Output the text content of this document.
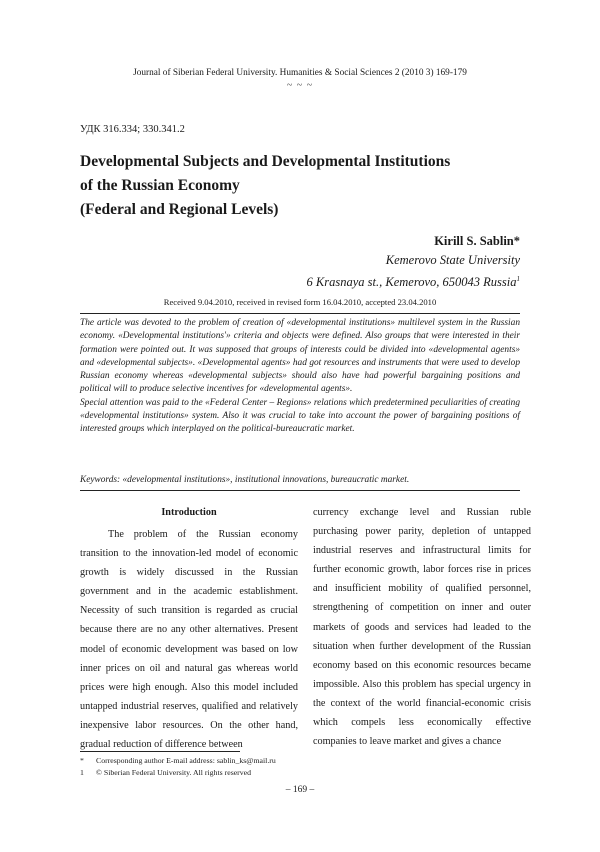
Journal of Siberian Federal University. Humanities & Social Sciences 2 (2010 3) 169-179
~ ~ ~
УДК 316.334; 330.341.2
Developmental Subjects and Developmental Institutions
of the Russian Economy
(Federal and Regional Levels)
Kirill S. Sablin*
Kemerovo State University
6 Krasnaya st., Kemerovo, 650043 Russia$^1$
Received 9.04.2010, received in revised form 16.04.2010, accepted 23.04.2010

The article was devoted to the problem of creation of «developmental institutions» multilevel system in the Russian economy. «Developmental institutions'» criteria and objects were defined. Also groups that were interested in their formation were pointed out. It was supposed that groups of interests could be divided into «developmental agents» and «developmental subjects». «Developmental agents» had got resources and instruments that were used to develop Russian economy whereas «developmental subjects» should also have had powerful bargaining positions and political will to produce selective incentives for «developmental agents».

Special attention was paid to the «Federal Center – Regions» relations which predetermined peculiarities of creating «developmental institutions» system. Also it was crucial to take into account the power of bargaining positions of interested groups which interplayed on the political-bureaucratic market.

Keywords: «developmental institutions», institutional innovations, bureaucratic market.
Introduction

The problem of the Russian economy transition to the innovation-led model of economic growth is widely discussed in the Russian government and in the academic establishment. Necessity of such transition is regarded as crucial because there are no any other alternatives. Present model of economic development was based on low inner prices on oil and natural gas whereas world prices were high enough. Also this model included untapped industrial reserves, qualified and relatively inexpensive labor resources. On the other hand, gradual reduction of difference between

currency exchange level and Russian ruble purchasing power parity, depletion of untapped industrial reserves and infrastructural limits for further economic growth, labor forces rise in prices and insufficient mobility of qualified personnel, strengthening of competition on inner and outer markets of goods and services had leaded to the situation when further development of the Russian economy based on this economic resources became impossible. Also this problem has special urgency in the context of the world financial-economic crisis which compels less economically effective companies to leave market and gives a chance

*	Corresponding author E-mail address: sablin_ks@mail.ru
1	© Siberian Federal University. All rights reserved
– 169 –
